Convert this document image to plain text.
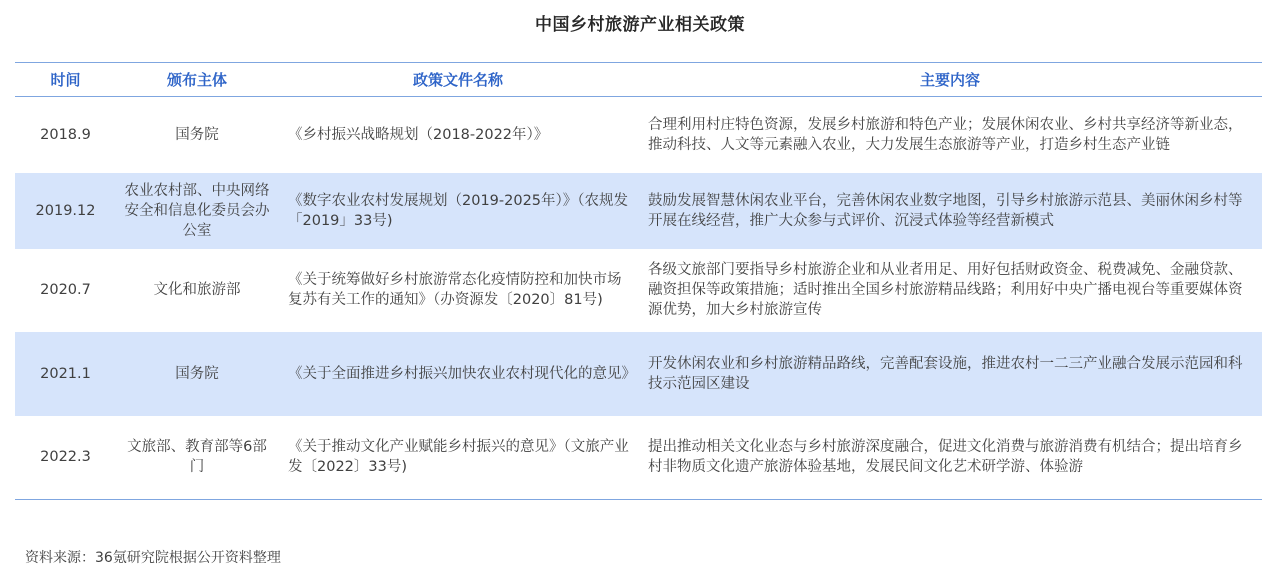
中国乡村旅游产业相关政策
时间	颁布主体	政策文件名称	主要内容
2018.9	国务院	《乡村振兴战略规划（2018-2022年）》	合理利用村庄特色资源，发展乡村旅游和特色产业；发展休闲农业、乡村共享经济等新业态，推动科技、人文等元素融入农业，大力发展生态旅游等产业，打造乡村生态产业链
2019.12	农业农村部、中央网络安全和信息化委员会办公室	《数字农业农村发展规划（2019-2025年）》（农规发「2019」33号)	鼓励发展智慧休闲农业平台，完善休闲农业数字地图，引导乡村旅游示范县、美丽休闲乡村等开展在线经营，推广大众参与式评价、沉浸式体验等经营新模式
2020.7	文化和旅游部	《关于统筹做好乡村旅游常态化疫情防控和加快市场复苏有关工作的通知》（办资源发〔2020〕81号)	各级文旅部门要指导乡村旅游企业和从业者用足、用好包括财政资金、税费减免、金融贷款、融资担保等政策措施；适时推出全国乡村旅游精品线路；利用好中央广播电视台等重要媒体资源优势，加大乡村旅游宣传
2021.1	国务院	《关于全面推进乡村振兴加快农业农村现代化的意见》	开发休闲农业和乡村旅游精品路线，完善配套设施，推进农村一二三产业融合发展示范园和科技示范园区建设
2022.3	文旅部、教育部等6部门	《关于推动文化产业赋能乡村振兴的意见》（文旅产业发〔2022〕33号)	提出推动相关文化业态与乡村旅游深度融合，促进文化消费与旅游消费有机结合；提出培育乡村非物质文化遗产旅游体验基地，发展民间文化艺术研学游、体验游
资料来源：36氪研究院根据公开资料整理
